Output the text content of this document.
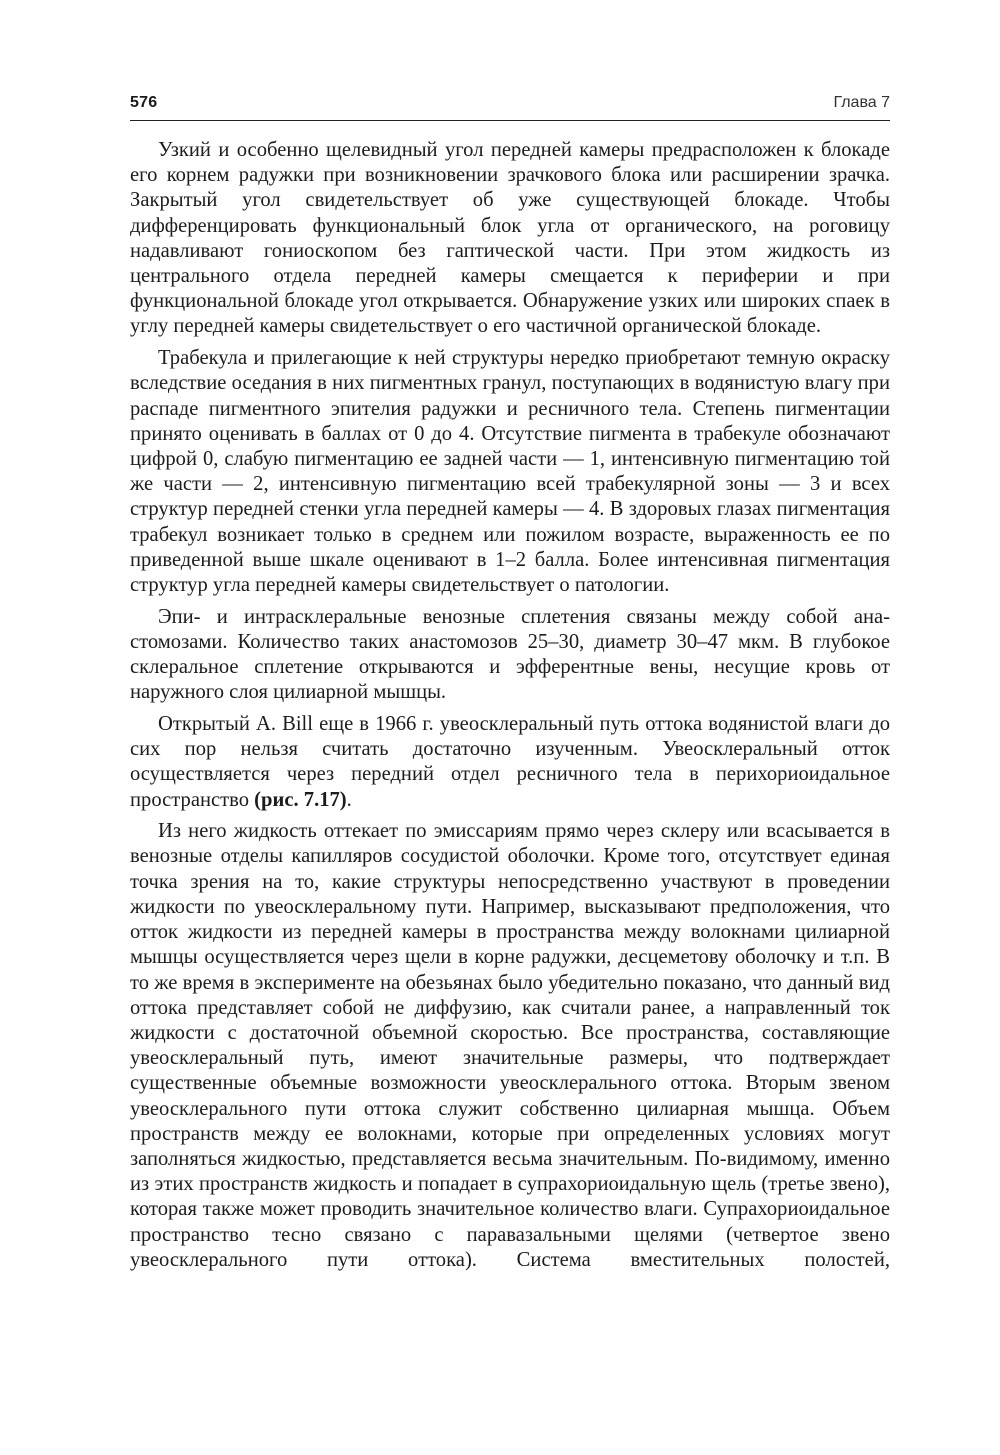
576	Глава 7

Узкий и особенно щелевидный угол передней камеры предрасположен к блокаде его корнем радужки при возникновении зрачкового блока или расширении зрачка. Закрытый угол свидетельствует об уже существующей блокаде. Чтобы дифференцировать функциональный блок угла от органического, на роговицу надавливают гониоскопом без гаптической части. При этом жидкость из центрального отдела передней камеры смещается к периферии и при функциональной блокаде угол открывается. Обнаружение узких или широких спаек в углу передней камеры свидетельствует о его частичной органической блокаде.

Трабекула и прилегающие к ней структуры нередко приобретают темную окраску вследствие оседания в них пигментных гранул, поступающих в водянистую влагу при распаде пигментного эпителия радужки и ресничного тела. Степень пигментации принято оценивать в баллах от 0 до 4. Отсутствие пигмента в трабекуле обозначают цифрой 0, слабую пигментацию ее задней части — 1, интенсивную пигментацию той же части — 2, интенсивную пигментацию всей трабекулярной зоны — 3 и всех структур передней стенки угла передней камеры — 4. В здоровых глазах пигментация трабекул возникает только в среднем или пожилом возрасте, выраженность ее по приведенной выше шкале оценивают в 1–2 балла. Более интенсивная пигментация структур угла передней камеры свидетельствует о патологии.

Эпи- и интрасклеральные венозные сплетения связаны между собой анастомозами. Количество таких анастомозов 25–30, диаметр 30–47 мкм. В глубокое склеральное сплетение открываются и эфферентные вены, несущие кровь от наружного слоя цилиарной мышцы.

Открытый A. Bill еще в 1966 г. увеосклеральный путь оттока водянистой влаги до сих пор нельзя считать достаточно изученным. Увеосклеральный отток осуществляется через передний отдел ресничного тела в перихориоидальное пространство (рис. 7.17).

Из него жидкость оттекает по эмиссариям прямо через склеру или всасывается в венозные отделы капилляров сосудистой оболочки. Кроме того, отсутствует единая точка зрения на то, какие структуры непосредственно участвуют в проведении жидкости по увеосклеральному пути. Например, высказывают предположения, что отток жидкости из передней камеры в пространства между волокнами цилиарной мышцы осуществляется через щели в корне радужки, десцеметову оболочку и т.п. В то же время в эксперименте на обезьянах было убедительно показано, что данный вид оттока представляет собой не диффузию, как считали ранее, а направленный ток жидкости с достаточной объемной скоростью. Все пространства, составляющие увеосклеральный путь, имеют значительные размеры, что подтверждает существенные объемные возможности увеосклерального оттока. Вторым звеном увеосклерального пути оттока служит собственно цилиарная мышца. Объем пространств между ее волокнами, которые при определенных условиях могут заполняться жидкостью, представляется весьма значительным. По-видимому, именно из этих пространств жидкость и попадает в супрахориоидальную щель (третье звено), которая также может проводить значительное количество влаги. Супрахориоидальное пространство тесно связано с паравазальными щелями (четвертое звено увеосклерального пути оттока). Система вместительных полостей,
